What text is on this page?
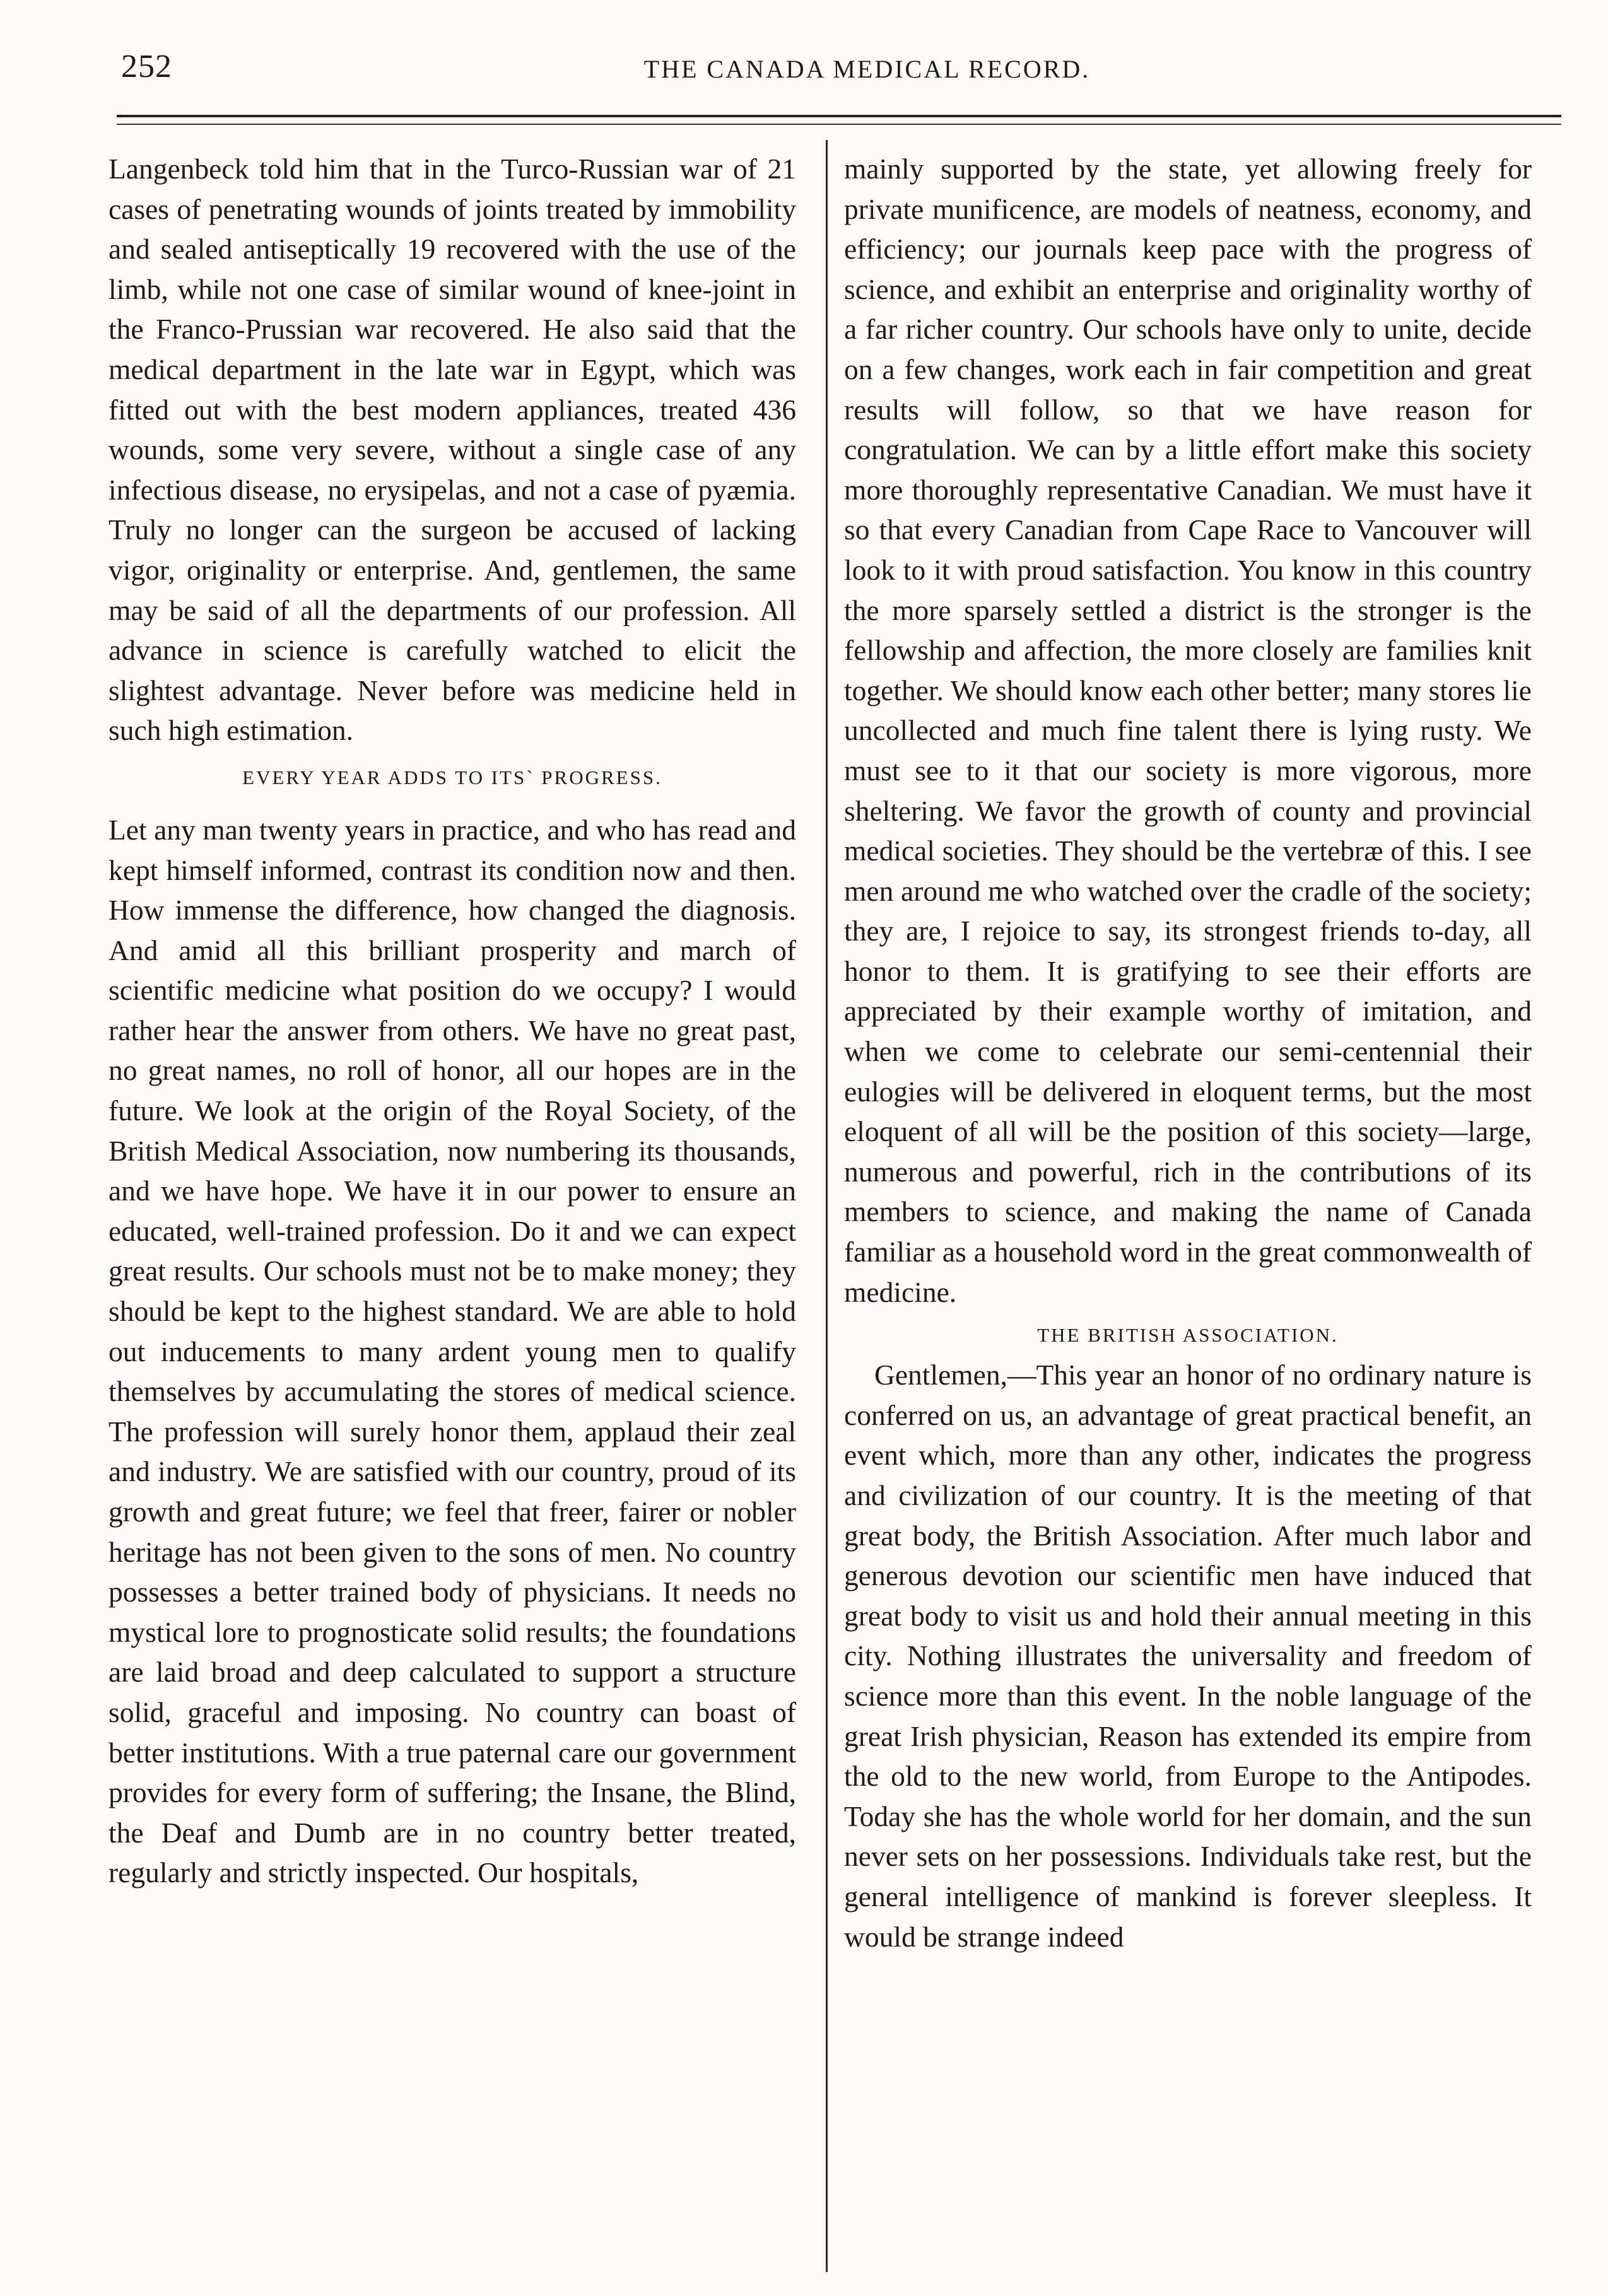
252	THE CANADA MEDICAL RECORD.

Langenbeck told him that in the Turco-Russian war of 21 cases of penetrating wounds of joints treated by immobility and sealed antiseptically 19 recovered with the use of the limb, while not one case of similar wound of knee-joint in the Franco-Prussian war recovered. He also said that the medical department in the late war in Egypt, which was fitted out with the best modern appliances, treated 436 wounds, some very severe, without a single case of any infectious disease, no erysipelas, and not a case of pyæmia. Truly no longer can the surgeon be accused of lacking vigor, originality or enterprise. And, gentlemen, the same may be said of all the departments of our profession. All advance in science is carefully watched to elicit the slightest advantage. Never before was medicine held in such high estimation.

EVERY YEAR ADDS TO ITS` PROGRESS.

Let any man twenty years in practice, and who has read and kept himself informed, contrast its condition now and then. How immense the difference, how changed the diagnosis. And amid all this brilliant prosperity and march of scientific medicine what position do we occupy? I would rather hear the answer from others. We have no great past, no great names, no roll of honor, all our hopes are in the future. We look at the origin of the Royal Society, of the British Medical Association, now numbering its thousands, and we have hope. We have it in our power to ensure an educated, well-trained profession. Do it and we can expect great results. Our schools must not be to make money; they should be kept to the highest standard. We are able to hold out inducements to many ardent young men to qualify themselves by accumulating the stores of medical science. The profession will surely honor them, applaud their zeal and industry. We are satisfied with our country, proud of its growth and great future; we feel that freer, fairer or nobler heritage has not been given to the sons of men. No country possesses a better trained body of physicians. It needs no mystical lore to prognosticate solid results; the foundations are laid broad and deep calculated to support a structure solid, graceful and imposing. No country can boast of better institutions. With a true paternal care our government provides for every form of suffering; the Insane, the Blind, the Deaf and Dumb are in no country better treated, regularly and strictly inspected. Our hospitals,

mainly supported by the state, yet allowing freely for private munificence, are models of neatness, economy, and efficiency; our journals keep pace with the progress of science, and exhibit an enterprise and originality worthy of a far richer country. Our schools have only to unite, decide on a few changes, work each in fair competition and great results will follow, so that we have reason for congratulation. We can by a little effort make this society more thoroughly representative Canadian. We must have it so that every Canadian from Cape Race to Vancouver will look to it with proud satisfaction. You know in this country the more sparsely settled a district is the stronger is the fellowship and affection, the more closely are families knit together. We should know each other better; many stores lie uncollected and much fine talent there is lying rusty. We must see to it that our society is more vigorous, more sheltering. We favor the growth of county and provincial medical societies. They should be the vertebræ of this. I see men around me who watched over the cradle of the society; they are, I rejoice to say, its strongest friends to-day, all honor to them. It is gratifying to see their efforts are appreciated by their example worthy of imitation, and when we come to celebrate our semi-centennial their eulogies will be delivered in eloquent terms, but the most eloquent of all will be the position of this society—large, numerous and powerful, rich in the contributions of its members to science, and making the name of Canada familiar as a household word in the great commonwealth of medicine.

THE BRITISH ASSOCIATION.

Gentlemen,—This year an honor of no ordinary nature is conferred on us, an advantage of great practical benefit, an event which, more than any other, indicates the progress and civilization of our country. It is the meeting of that great body, the British Association. After much labor and generous devotion our scientific men have induced that great body to visit us and hold their annual meeting in this city. Nothing illustrates the universality and freedom of science more than this event. In the noble language of the great Irish physician, Reason has extended its empire from the old to the new world, from Europe to the Antipodes. Today she has the whole world for her domain, and the sun never sets on her possessions. Individuals take rest, but the general intelligence of mankind is forever sleepless. It would be strange indeed
